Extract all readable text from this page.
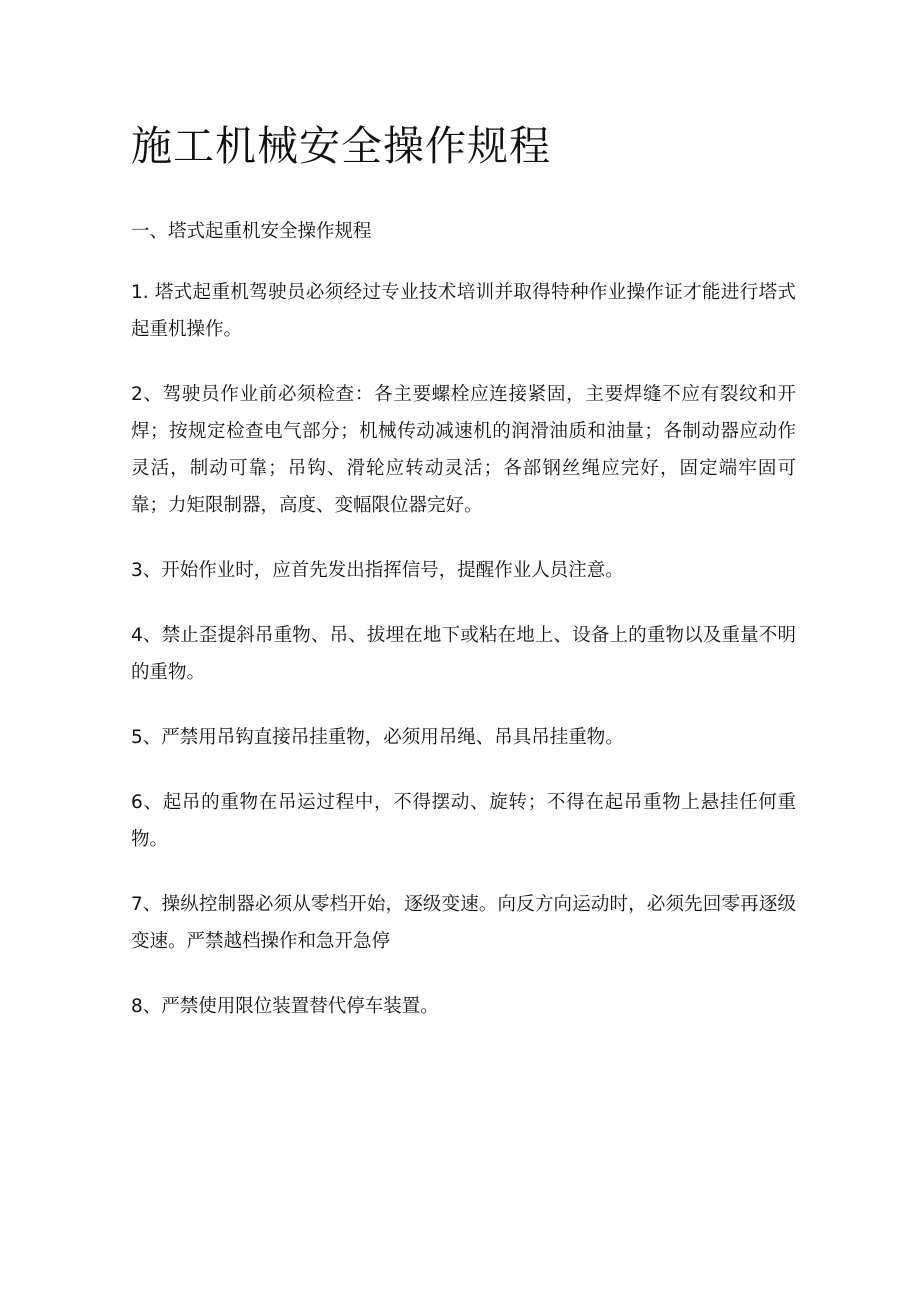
施工机械安全操作规程
一、塔式起重机安全操作规程

1. 塔式起重机驾驶员必须经过专业技术培训并取得特种作业操作证才能进行塔式起重机操作。

2、驾驶员作业前必须检查：各主要螺栓应连接紧固，主要焊缝不应有裂纹和开焊；按规定检查电气部分；机械传动减速机的润滑油质和油量；各制动器应动作灵活，制动可靠；吊钩、滑轮应转动灵活；各部钢丝绳应完好，固定端牢固可靠；力矩限制器，高度、变幅限位器完好。

3、开始作业时，应首先发出指挥信号，提醒作业人员注意。

4、禁止歪提斜吊重物、吊、拔埋在地下或粘在地上、设备上的重物以及重量不明的重物。

5、严禁用吊钩直接吊挂重物，必须用吊绳、吊具吊挂重物。

6、起吊的重物在吊运过程中，不得摆动、旋转；不得在起吊重物上悬挂任何重物。

7、操纵控制器必须从零档开始，逐级变速。向反方向运动时，必须先回零再逐级变速。严禁越档操作和急开急停

8、严禁使用限位装置替代停车装置。
